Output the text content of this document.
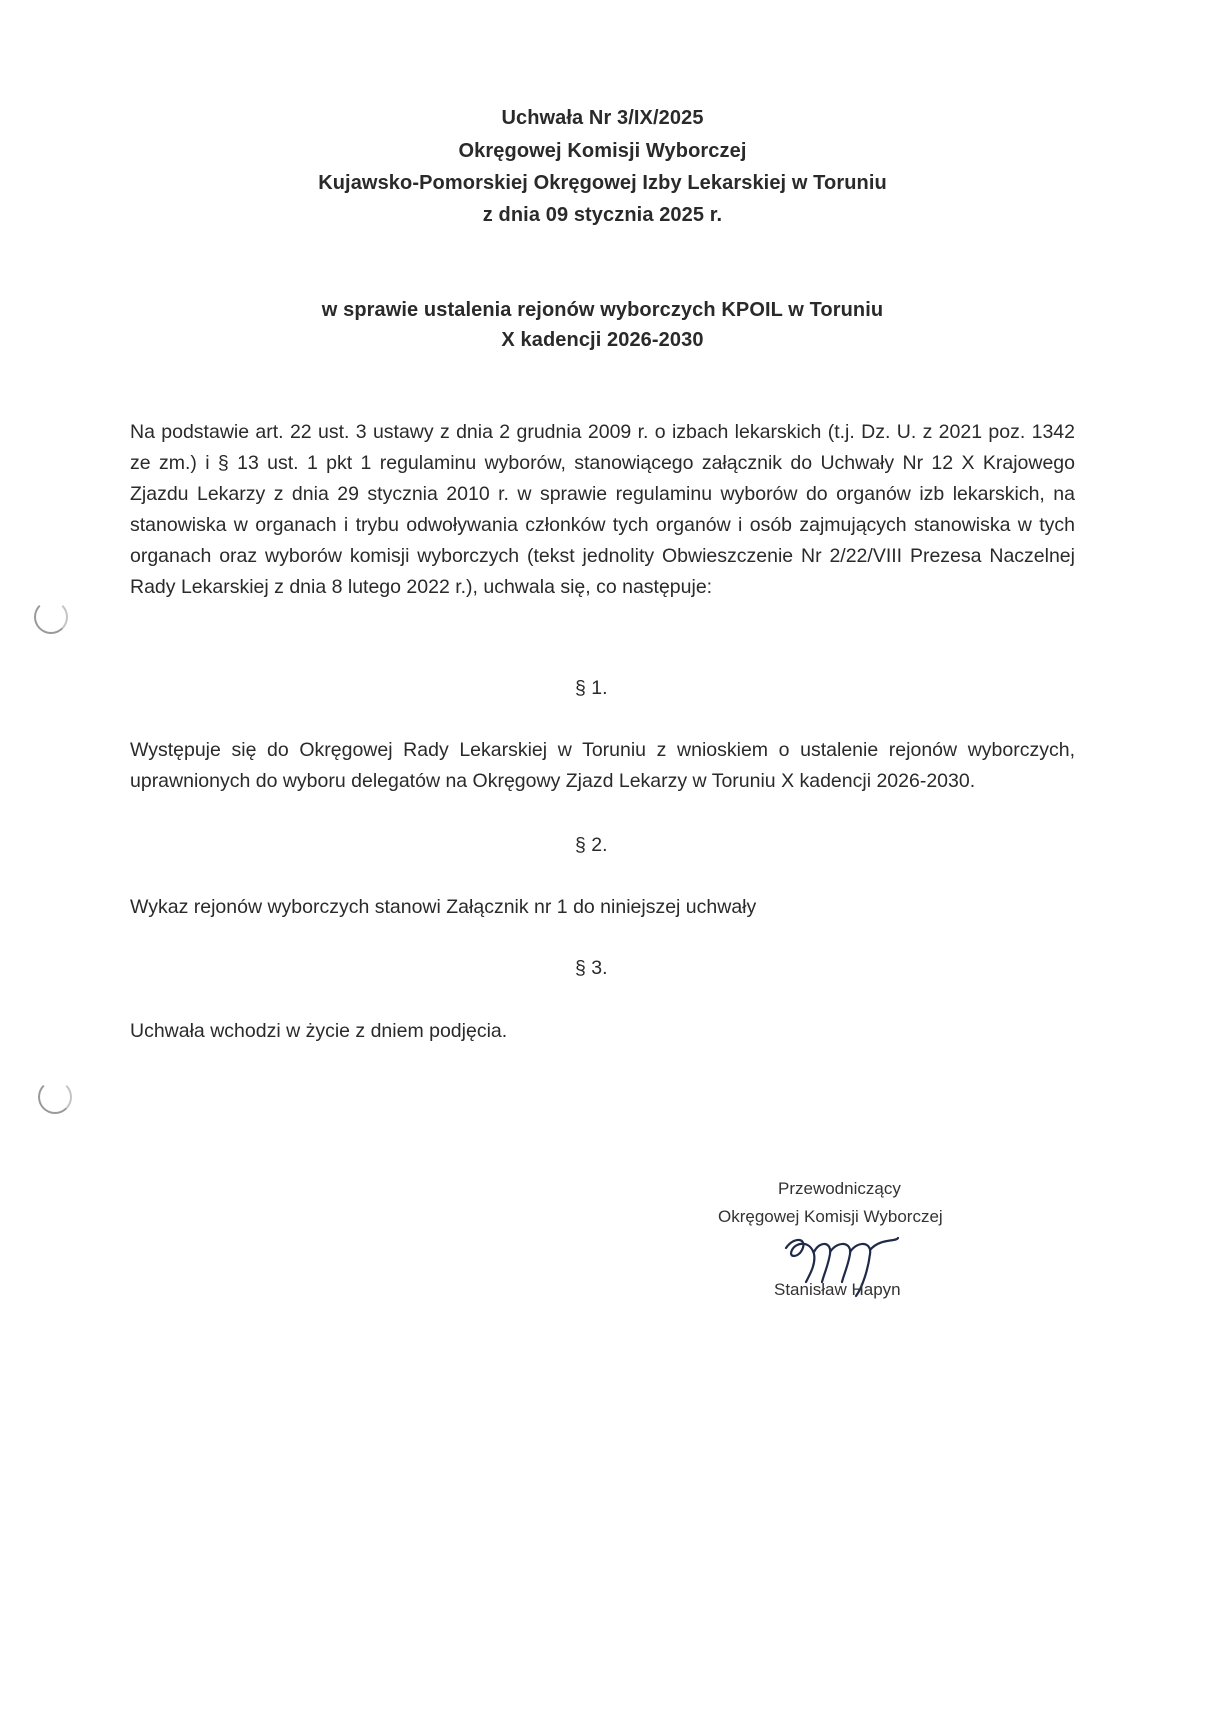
Uchwała Nr 3/IX/2025
Okręgowej Komisji Wyborczej
Kujawsko-Pomorskiej Okręgowej Izby Lekarskiej w Toruniu
z dnia 09 stycznia 2025 r.
w sprawie ustalenia rejonów wyborczych KPOIL w Toruniu
X kadencji 2026-2030
Na podstawie art. 22 ust. 3 ustawy z dnia 2 grudnia 2009 r. o izbach lekarskich (t.j. Dz. U. z 2021 poz. 1342 ze zm.) i § 13 ust. 1 pkt 1 regulaminu wyborów, stanowiącego załącznik do Uchwały Nr 12 X Krajowego Zjazdu Lekarzy z dnia 29 stycznia 2010 r. w sprawie regulaminu wyborów do organów izb lekarskich, na stanowiska w organach i trybu odwoływania członków tych organów i osób zajmujących stanowiska w tych organach oraz wyborów komisji wyborczych (tekst jednolity Obwieszczenie Nr 2/22/VIII Prezesa Naczelnej Rady Lekarskiej z dnia 8 lutego 2022 r.), uchwala się, co następuje:
§ 1.
Występuje się do Okręgowej Rady Lekarskiej w Toruniu z wnioskiem o ustalenie rejonów wyborczych, uprawnionych do wyboru delegatów na Okręgowy Zjazd Lekarzy w Toruniu X kadencji 2026-2030.
§ 2.
Wykaz rejonów wyborczych stanowi Załącznik nr 1 do niniejszej uchwały
§ 3.
Uchwała wchodzi w życie z dniem podjęcia.
Przewodniczący
Okręgowej Komisji Wyborczej
Stanisław Hapyn
